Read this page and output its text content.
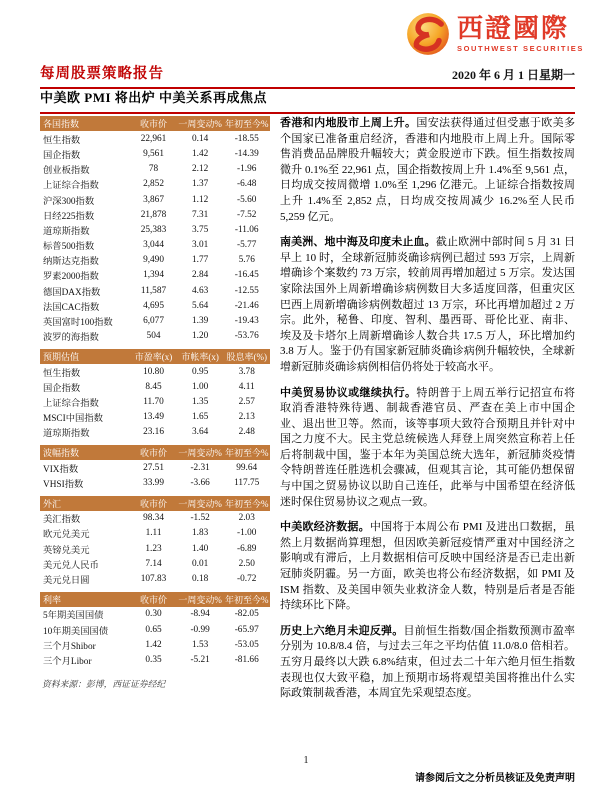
西證國際
SOUTHWEST SECURITIES
每周股票策略报告	2020 年 6 月 1 日星期一
中美欧 PMI 将出炉 中美关系再成焦点
各国指数	收市价	一周变动% 年初至今%
恒生指数	22,961	0.14	-18.55
国企指数	9,561	1.42	-14.39
创业板指数	78	2.12	-1.96
上证综合指数	2,852	1.37	-6.48
沪深300指数	3,867	1.12	-5.60
日经225指数	21,878	7.31	-7.52
道琼斯指数	25,383	3.75	-11.06
标普500指数	3,044	3.01	-5.77
纳斯达克指数	9,490	1.77	5.76
罗素2000指数	1,394	2.84	-16.45
德国DAX指数	11,587	4.63	-12.55
法国CAC指数	4,695	5.64	-21.46
英国富时100指数	6,077	1.39	-19.43
波罗的海指数	504	1.20	-53.76
预期估值	市盈率(x)	市帐率(x) 股息率(%)
恒生指数	10.80	0.95	3.78
国企指数	8.45	1.00	4.11
上证综合指数	11.70	1.35	2.57
MSCI中国指数	13.49	1.65	2.13
道琼斯指数	23.16	3.64	2.48
波幅指数	收市价	一周变动% 年初至今%
VIX指数	27.51	-2.31	99.64
VHSI指数	33.99	-3.66	117.75
外汇	收市价	一周变动% 年初至今%
美汇指数	98.34	-1.52	2.03
欧元兑美元	1.11	1.83	-1.00
英镑兑美元	1.23	1.40	-6.89
美元兑人民币	7.14	0.01	2.50
美元兑日圆	107.83	0.18	-0.72
利率	收市价	一周变动% 年初至今%
5年期美国国债	0.30	-8.94	-82.05
10年期美国国债	0.65	-0.99	-65.97
三个月Shibor	1.42	1.53	-53.05
三个月Libor	0.35	-5.21	-81.66
资料来源：彭博，西证证券经纪

香港和内地股市上周上升。国安法获得通过但受惠于欧美多个国家已准备重启经济，香港和内地股市上周上升。国际零售消费品品牌股升幅较大；黄金股逆市下跌。恒生指数按周微升 0.1%至 22,961 点，国企指数按周上升 1.4%至 9,561 点，日均成交按周微增 1.0%至 1,296 亿港元。上证综合指数按周上升 1.4%至 2,852 点，日均成交按周减少 16.2%至人民币 5,259 亿元。

南美洲、地中海及印度未止血。截止欧洲中部时间 5 月 31 日早上 10 时，全球新冠肺炎确诊病例已超过 593 万宗，上周新增确诊个案数约 73 万宗，较前周再增加超过 5 万宗。发达国家除法国外上周新增确诊病例数目大多适度回落，但重灾区巴西上周新增确诊病例数超过 13 万宗，环比再增加超过 2 万宗。此外，秘鲁、印度、智利、墨西哥、哥伦比亚、南非、埃及及卡塔尔上周新增确诊人数合共 17.5 万人，环比增加约 3.8 万人。鉴于仍有国家新冠肺炎确诊病例升幅较快，全球新增新冠肺炎确诊病例相信仍将处于较高水平。

中美贸易协议或继续执行。特朗普于上周五举行记招宣布将取消香港特殊待遇、制裁香港官员、严查在美上市中国企业、退出世卫等。然而，该等事项大致符合预期且并针对中国之力度不大。民主党总统候选人拜登上周突然宣称若上任后将制裁中国，鉴于本年为美国总统大选年，新冠肺炎疫情令特朗普连任胜选机会骤减，但观其言论，其可能仍想保留与中国之贸易协议以助自己连任，此举与中国希望在经济低迷时保住贸易协议之观点一致。

中美欧经济数据。中国将于本周公布 PMI 及进出口数据，虽然上月数据尚算理想，但因欧美新冠疫情严重对中国经济之影响或有滞后，上月数据相信可反映中国经济是否已走出新冠肺炎阴霾。另一方面，欧美也将公布经济数据，如 PMI 及 ISM 指数、及美国申领失业救济金人数，特别是后者是否能持续环比下降。

历史上六绝月未迎反弹。目前恒生指数/国企指数预测市盈率分别为 10.8/8.4 倍，与过去三年之平均估值 11.0/8.0 倍相若。五穷月最终以大跌 6.8%结束，但过去二十年六绝月恒生指数表现也仅大致平稳，加上预期市场将观望美国将推出什么实际政策制裁香港，本周宜先采观望态度。

1
请参阅后文之分析员核证及免责声明
